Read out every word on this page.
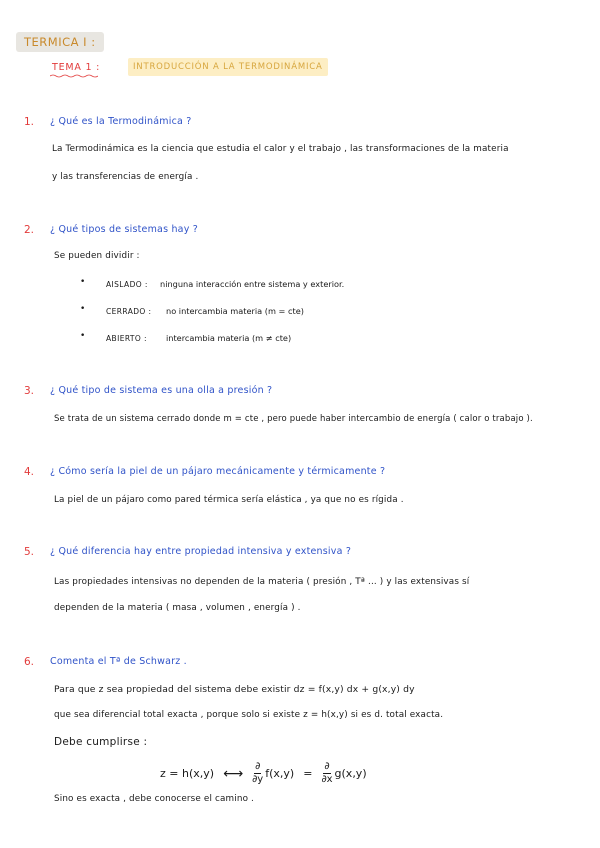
TERMICA I :
TEMA 1 :	INTRODUCCIÓN A LA TERMODINÁMICA
1. ¿ Qué es la Termodinámica ?
La Termodinámica es la ciencia que estudia el calor y el trabajo , las transformaciones de la materia
y las transferencias de energía .
2. ¿ Qué tipos de sistemas hay ?
Se pueden dividir :
•	AISLADO : ninguna interacción entre sistema y exterior.
•	CERRADO : no intercambia materia (m = cte)
•	ABIERTO : intercambia materia (m ≠ cte)
3. ¿ Qué tipo de sistema es una olla a presión ?
Se trata de un sistema cerrado donde m = cte , pero puede haber intercambio de energía ( calor o trabajo ).
4. ¿ Cómo sería la piel de un pájaro mecánicamente y térmicamente ?
La piel de un pájaro como pared térmica sería elástica , ya que no es rígida .
5. ¿ Qué diferencia hay entre propiedad intensiva y extensiva ?
Las propiedades intensivas no dependen de la materia ( presión , Tª ... ) y las extensivas sí
dependen de la materia ( masa , volumen , energía ) .
6. Comenta el Tª de Schwarz .
Para que z sea propiedad del sistema debe existir dz = f(x,y) dx + g(x,y) dy
que sea diferencial total exacta , porque solo si existe z = h(x,y) si es d. total exacta.
Debe cumplirse :
z = h(x,y) ⟷ $\frac{\partial}{\partial y} f(x,y) = \frac{\partial}{\partial x} g(x,y)$
Sino es exacta , debe conocerse el camino .
